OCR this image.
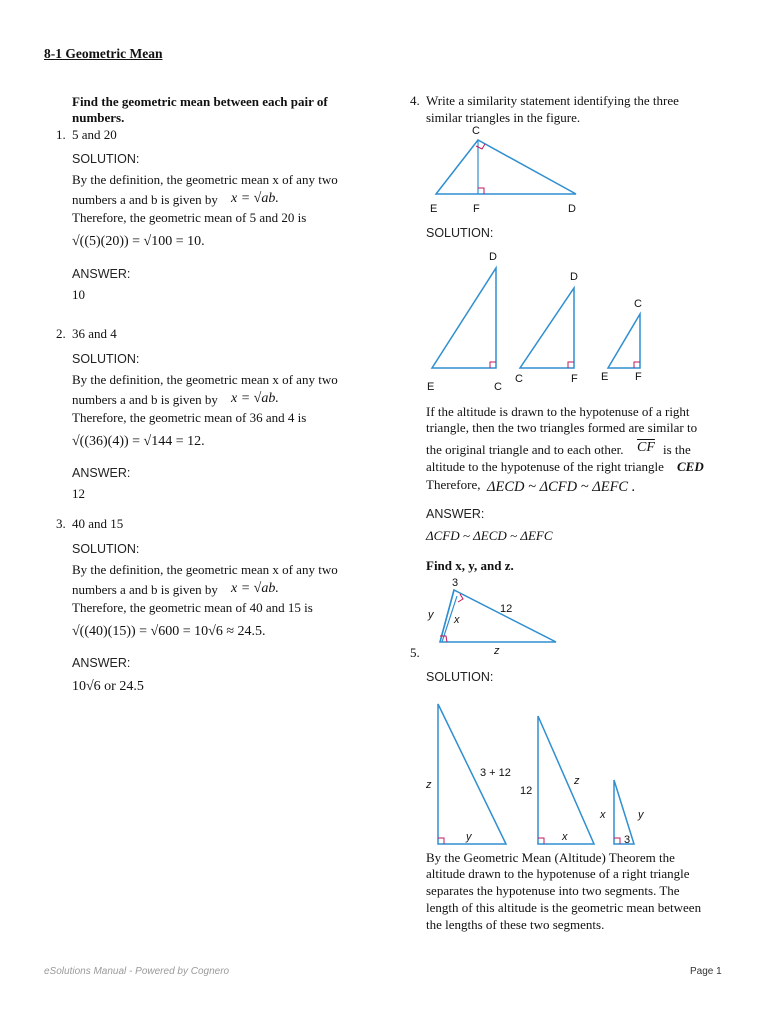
8-1 Geometric Mean
Find the geometric mean between each pair of numbers.
1. 5 and 20
SOLUTION:
By the definition, the geometric mean x of any two
numbers a and b is given by x = √ab.
Therefore, the geometric mean of 5 and 20 is
√((5)(20)) = √100 = 10.
ANSWER:
10
2. 36 and 4
SOLUTION:
By the definition, the geometric mean x of any two
numbers a and b is given by x = √ab.
Therefore, the geometric mean of 36 and 4 is
√((36)(4)) = √144 = 12.
ANSWER:
12
3. 40 and 15
SOLUTION:
By the definition, the geometric mean x of any two
numbers a and b is given by x = √ab.
Therefore, the geometric mean of 40 and 15 is
√((40)(15)) = √600 = 10√6 ≈ 24.5.
ANSWER:
10√6 or 24.5
4. Write a similarity statement identifying the three
similar triangles in the figure.
C
E	F	D
SOLUTION:
D
E	C
D
C	F
C
E F
If the altitude is drawn to the hypotenuse of a right
triangle, then the two triangles formed are similar to
the original triangle and to each other. $\overline{CF}$ is the
altitude to the hypotenuse of the right triangle CED
Therefore, ΔECD ~ ΔCFD ~ ΔEFC .
ANSWER:
ΔCFD ~ ΔECD ~ ΔEFC
Find x, y, and z.
3
12
y x
z
5.
SOLUTION:
z
3 + 12
y
12
z
x
x	y
3
By the Geometric Mean (Altitude) Theorem the
altitude drawn to the hypotenuse of a right triangle
separates the hypotenuse into two segments. The
length of this altitude is the geometric mean between
the lengths of these two segments.
eSolutions Manual - Powered by Cognero	Page 1
